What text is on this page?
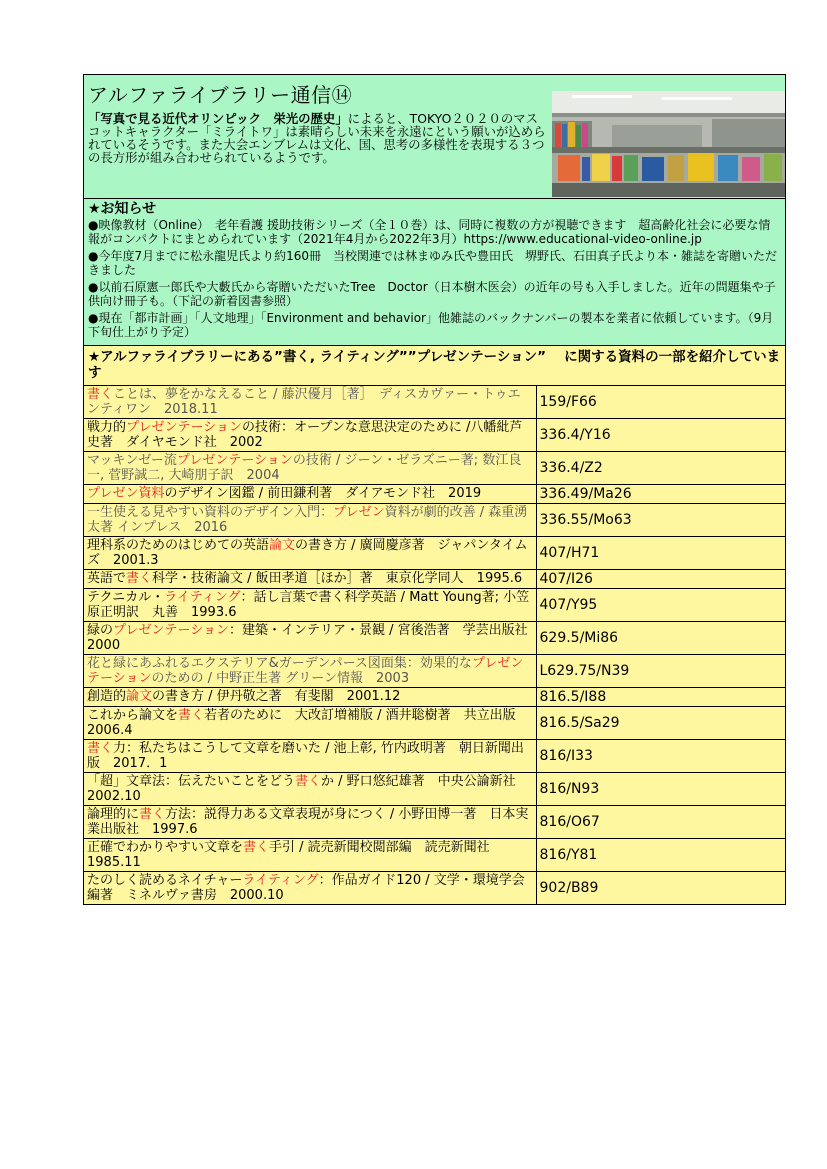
アルファライブラリー通信⑭
「写真で見る近代オリンピック　栄光の歴史」によると、TOKYO２０２０のマスコットキャラクター「ミライトワ」は素晴らしい未来を永遠にという願いが込められているそうです。また大会エンブレムは文化、国、思考の多様性を表現する３つの長方形が組み合わせられているようです。
★お知らせ
●映像教材（Online）　老年看護 援助技術シリーズ（全１０巻）は、同時に複数の方が視聴できます　超高齢化社会に必要な情報がコンパクトにまとめられています（2021年4月から2022年3月）https://www.educational-video-online.jp
●今年度7月までに松永龍児氏より約160冊　当校関連では林まゆみ氏や豊田氏　堺野氏、石田真子氏より本・雑誌を寄贈いただきました
●以前石原憲一郎氏や大藪氏から寄贈いただいたTree　Doctor（日本樹木医会）の近年の号も入手しました。近年の問題集や子供向け冊子も。（下記の新着図書参照）
●現在「都市計画」「人文地理」「Environment and behavior」他雑誌のバックナンバーの製本を業者に依頼しています。（9月下旬仕上がり予定）
★アルファライブラリーにある”書く, ライティング””プレゼンテーション”　 に関する資料の一部を紹介しています
書くことは、夢をかなえること / 藤沢優月［著］　ディスカヴァー・トゥエンティワン　2018.11	159/F66
戦力的プレゼンテーションの技術：オープンな意思決定のために /八幡紕芦史著　ダイヤモンド社　2002	336.4/Y16
マッキンゼー流プレゼンテーションの技術 / ジーン・ゼラズニー著; 数江良一, 菅野誠二, 大崎朋子訳　2004	336.4/Z2
プレゼン資料のデザイン図鑑 / 前田鎌利著　ダイアモンド社　2019	336.49/Ma26
一生使える見やすい資料のデザイン入門：プレゼン資料が劇的改善 / 森重湧太著 インプレス　2016	336.55/Mo63
理科系のためのはじめての英語論文の書き方 / 廣岡慶彦著　ジャパンタイムズ　2001.3	407/H71
英語で書く科学・技術論文 / 飯田孝道［ほか］著　東京化学同人　1995.6	407/I26
テクニカル・ライティング：話し言葉で書く科学英語 / Matt Young著; 小笠原正明訳　丸善　1993.6	407/Y95
緑のプレゼンテーション：建築・インテリア・景観 / 宮後浩著　学芸出版社　2000	629.5/Mi86
花と緑にあふれるエクステリア&ガーデンパース図面集：効果的なプレゼンテーションのための / 中野正生著 グリーン情報　2003	L629.75/N39
創造的論文の書き方 / 伊丹敬之著　有斐閣　2001.12	816.5/I88
これから論文を書く若者のために　大改訂増補版 / 酒井聡樹著　共立出版　2006.4	816.5/Sa29
書く力：私たちはこうして文章を磨いた / 池上彰, 竹内政明著　朝日新聞出版　2017．1	816/I33
「超」文章法：伝えたいことをどう書くか / 野口悠紀雄著　中央公論新社　2002.10	816/N93
論理的に書く方法：説得力ある文章表現が身につく / 小野田博一著　日本実業出版社　1997.6	816/O67
正確でわかりやすい文章を書く手引 / 読売新聞校閲部編　読売新聞社　1985.11	816/Y81
たのしく読めるネイチャーライティング：作品ガイド120 / 文学・環境学会編著　ミネルヴァ書房　2000.10	902/B89
